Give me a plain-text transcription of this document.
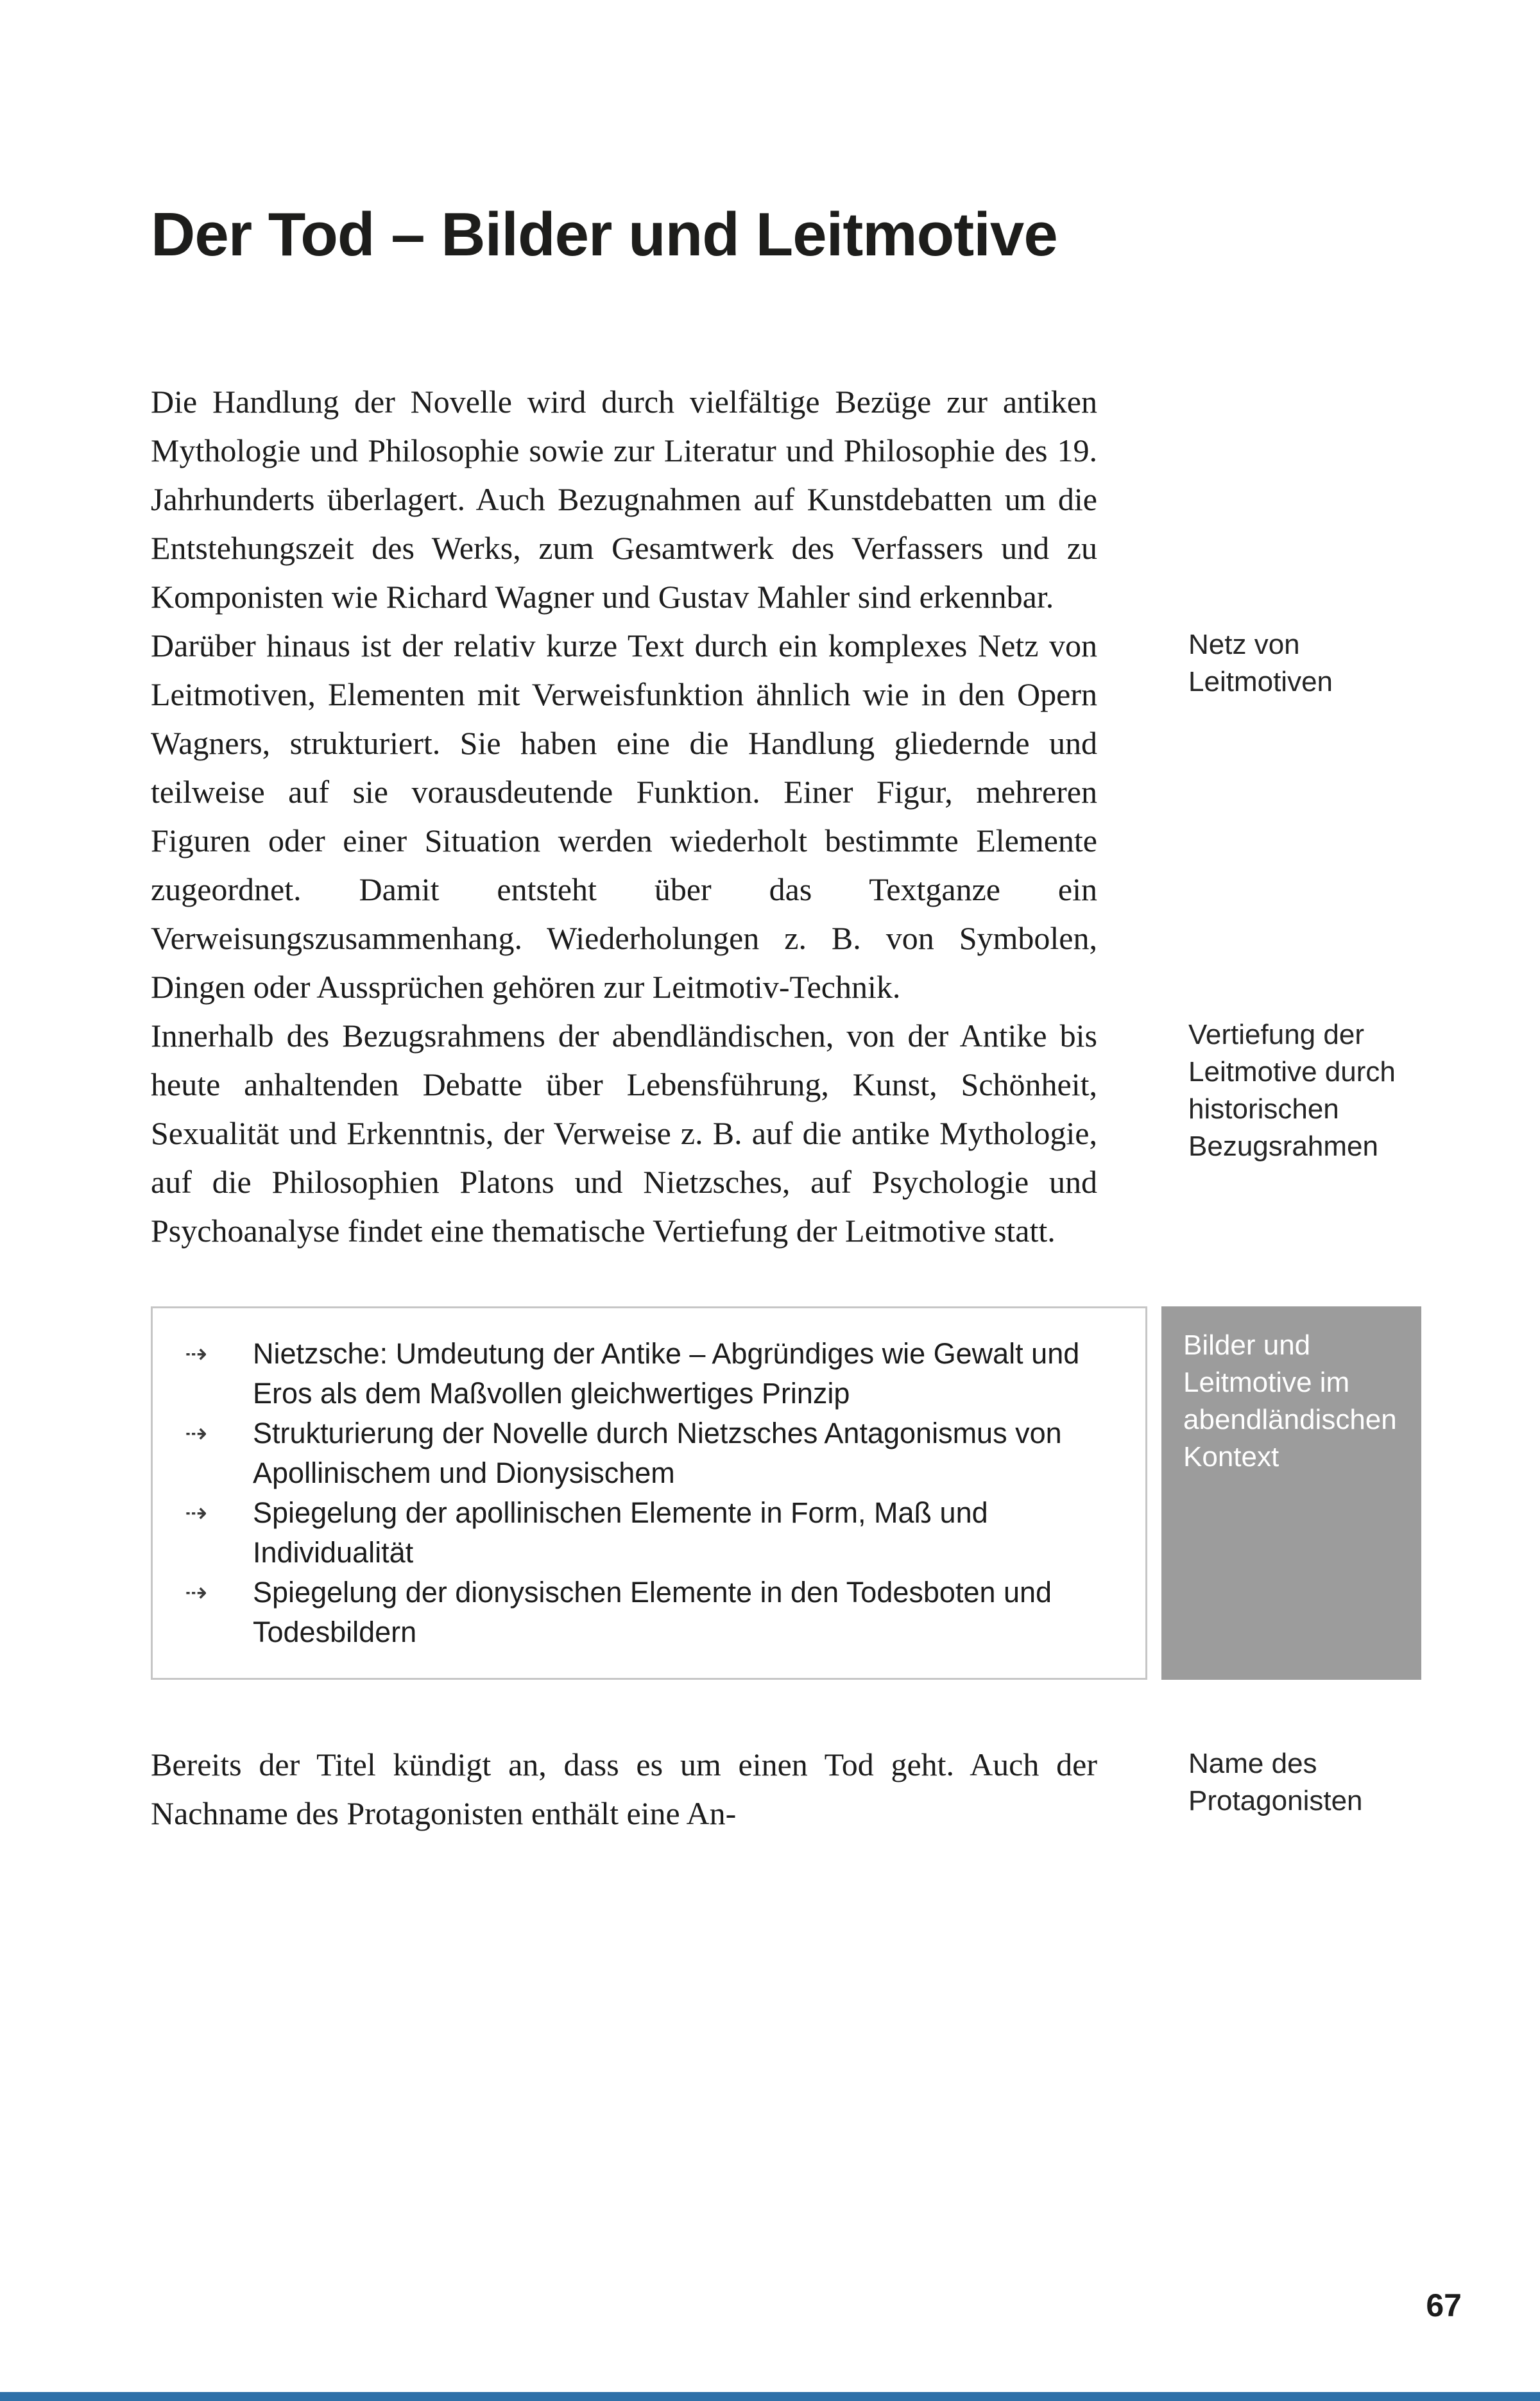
Der Tod – Bilder und Leitmotive

Die Handlung der Novelle wird durch vielfältige Bezüge zur antiken Mythologie und Philosophie sowie zur Literatur und Philosophie des 19. Jahrhunderts überlagert. Auch Bezugnahmen auf Kunstdebatten um die Entstehungszeit des Werks, zum Gesamtwerk des Verfassers und zu Komponisten wie Richard Wagner und Gustav Mahler sind erkennbar.

Darüber hinaus ist der relativ kurze Text durch ein komplexes Netz von Leitmotiven, Elementen mit Verweisfunktion ähnlich wie in den Opern Wagners, strukturiert. Sie haben eine die Handlung gliedernde und teilweise auf sie vorausdeutende Funktion. Einer Figur, mehreren Figuren oder einer Situation werden wiederholt bestimmte Elemente zugeordnet. Damit entsteht über das Textganze ein Verweisungszusammenhang. Wiederholungen z. B. von Symbolen, Dingen oder Aussprüchen gehören zur Leitmotiv-Technik.

Netz von Leitmotiven

Innerhalb des Bezugsrahmens der abendländischen, von der Antike bis heute anhaltenden Debatte über Lebensführung, Kunst, Schönheit, Sexualität und Erkenntnis, der Verweise z. B. auf die antike Mythologie, auf die Philosophien Platons und Nietzsches, auf Psychologie und Psychoanalyse findet eine thematische Vertiefung der Leitmotive statt.

Vertiefung der Leitmotive durch historischen Bezugsrahmen
⇢	Nietzsche: Umdeutung der Antike – Abgründiges wie Gewalt und Eros als dem Maßvollen gleichwertiges Prinzip
⇢	Strukturierung der Novelle durch Nietzsches Antagonismus von Apollinischem und Dionysischem
⇢	Spiegelung der apollinischen Elemente in Form, Maß und Individualität
⇢	Spiegelung der dionysischen Elemente in den Todesboten und Todesbildern
Bilder und Leitmotive im abendländischen Kontext

Bereits der Titel kündigt an, dass es um einen Tod geht. Auch der Nachname des Protagonisten enthält eine An-

Name des Protagonisten
67
